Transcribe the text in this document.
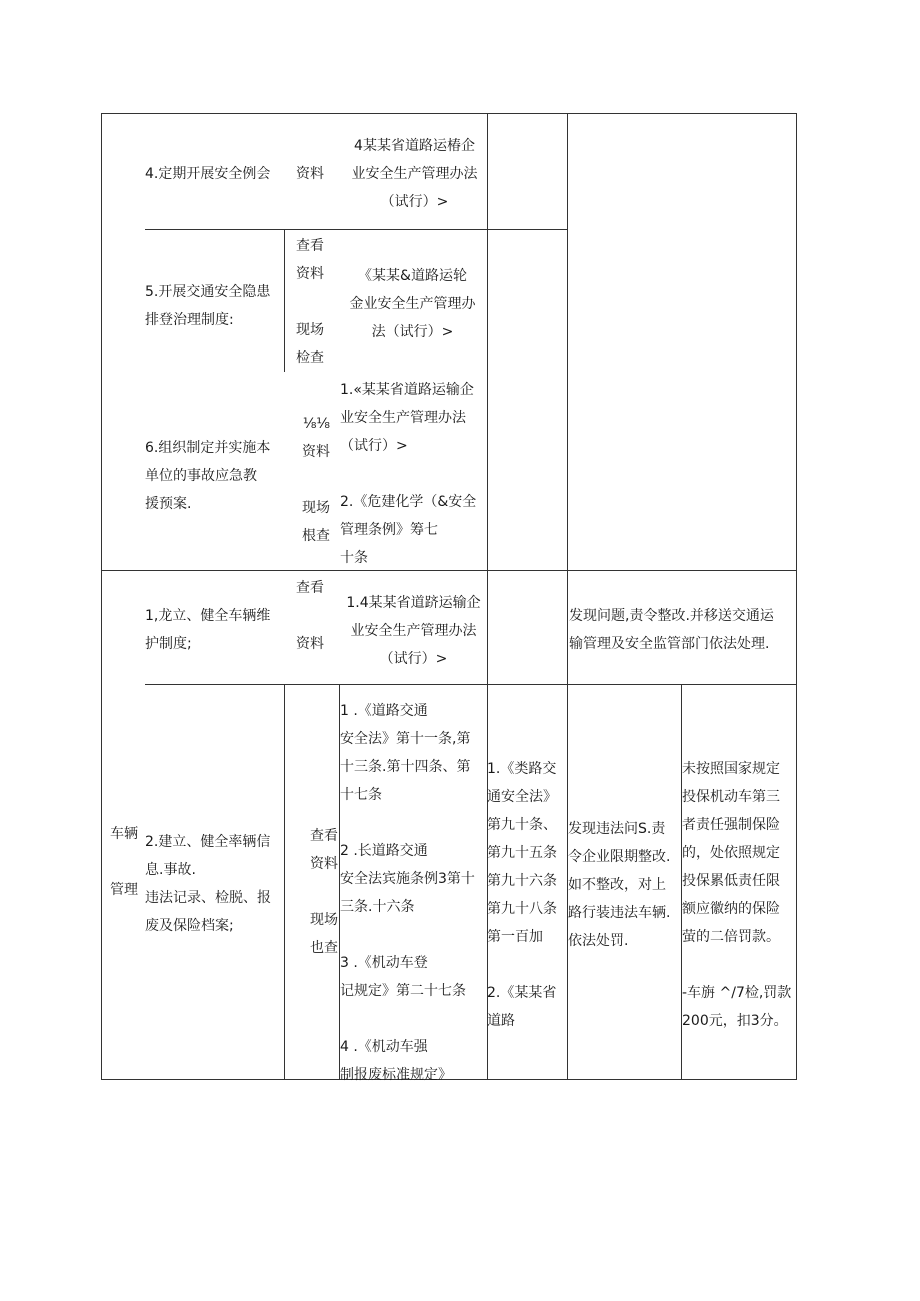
4.定期开展安全例会	资料
4某某省道路运椿企
业安全生产管理办法
（试行）>
5.开展交通安全隐患
排登治理制度:
查看
资料

现场
检查
《某某&道路运轮
金业安全生产管理办
法（试行）>
6.组织制定并实施本
单位的事故应急教
援预案.
⅛⅛
资料

现场
根查
1.«某某省道路运输企
业安全生产管理办法
（试行）>

2.《危建化学（&安全
管理条例》筹七
十条
车辆

管理
1,龙立、健全车辆维
护制度;
查看

资料
1.4某某省道跻运输企
业安全生产管理办法
（试行）>
发现问题,责令整改.并移送交通运
输管理及安全监管部门依法处理.
2.建立、健全率辆信
息.事故.
违法记录、检脱、报
废及保险档案;
查看
资料

现场
也查
1 .《道路交通
安全法》第十一条,第
十三条.第十四条、第
十七条

2 .长道路交通
安全法宾施条例3第十
三条.十六条

3 .《机动车登
记规定》第二十七条

4 .《机动车强
制报废标准规定》
1.《类路交
通安全法》
第九十条、
第九十五条
第九十六条
第九十八条
第一百加

2.《某某省
道路
发现违法问S.责
令企业限期整改.
如不整改，对上
路行装违法车辆.
依法处罚.
未按照国家规定
投保机动车第三
者责任强制保险
的，处依照规定
投保累低责任限
额应徽纳的保险
萤的二倍罚款。

-车旃 ^/7检,罚款
200元，扣3分。
